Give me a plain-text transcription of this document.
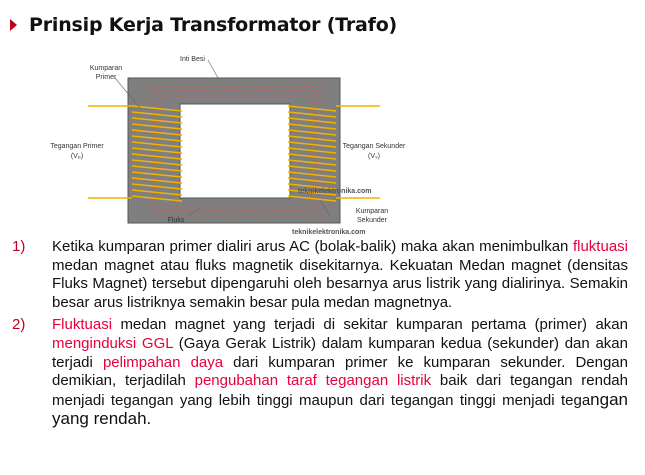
Prinsip Kerja Transformator (Trafo)
Kumparan
Primer
Inti Besi
Tegangan Primer
(Vₚ)
Tegangan Sekunder
(Vₛ)
Fluks
Kumparan
Sekunder
teknikelektronika.com
teknikelektronika.com
1)	Ketika kumparan primer dialiri arus AC (bolak-balik) maka akan menimbulkan fluktuasi medan magnet atau fluks magnetik disekitarnya. Kekuatan Medan magnet (densitas Fluks Magnet) tersebut dipengaruhi oleh besarnya arus listrik yang dialirinya. Semakin besar arus listriknya semakin besar pula medan magnetnya.
2)	Fluktuasi medan magnet yang terjadi di sekitar kumparan pertama (primer) akan menginduksi GGL (Gaya Gerak Listrik) dalam kumparan kedua (sekunder) dan akan terjadi pelimpahan daya dari kumparan primer ke kumparan sekunder. Dengan demikian, terjadilah pengubahan taraf tegangan listrik baik dari tegangan rendah menjadi tegangan yang lebih tinggi maupun dari tegangan tinggi menjadi tegangan yang rendah.
